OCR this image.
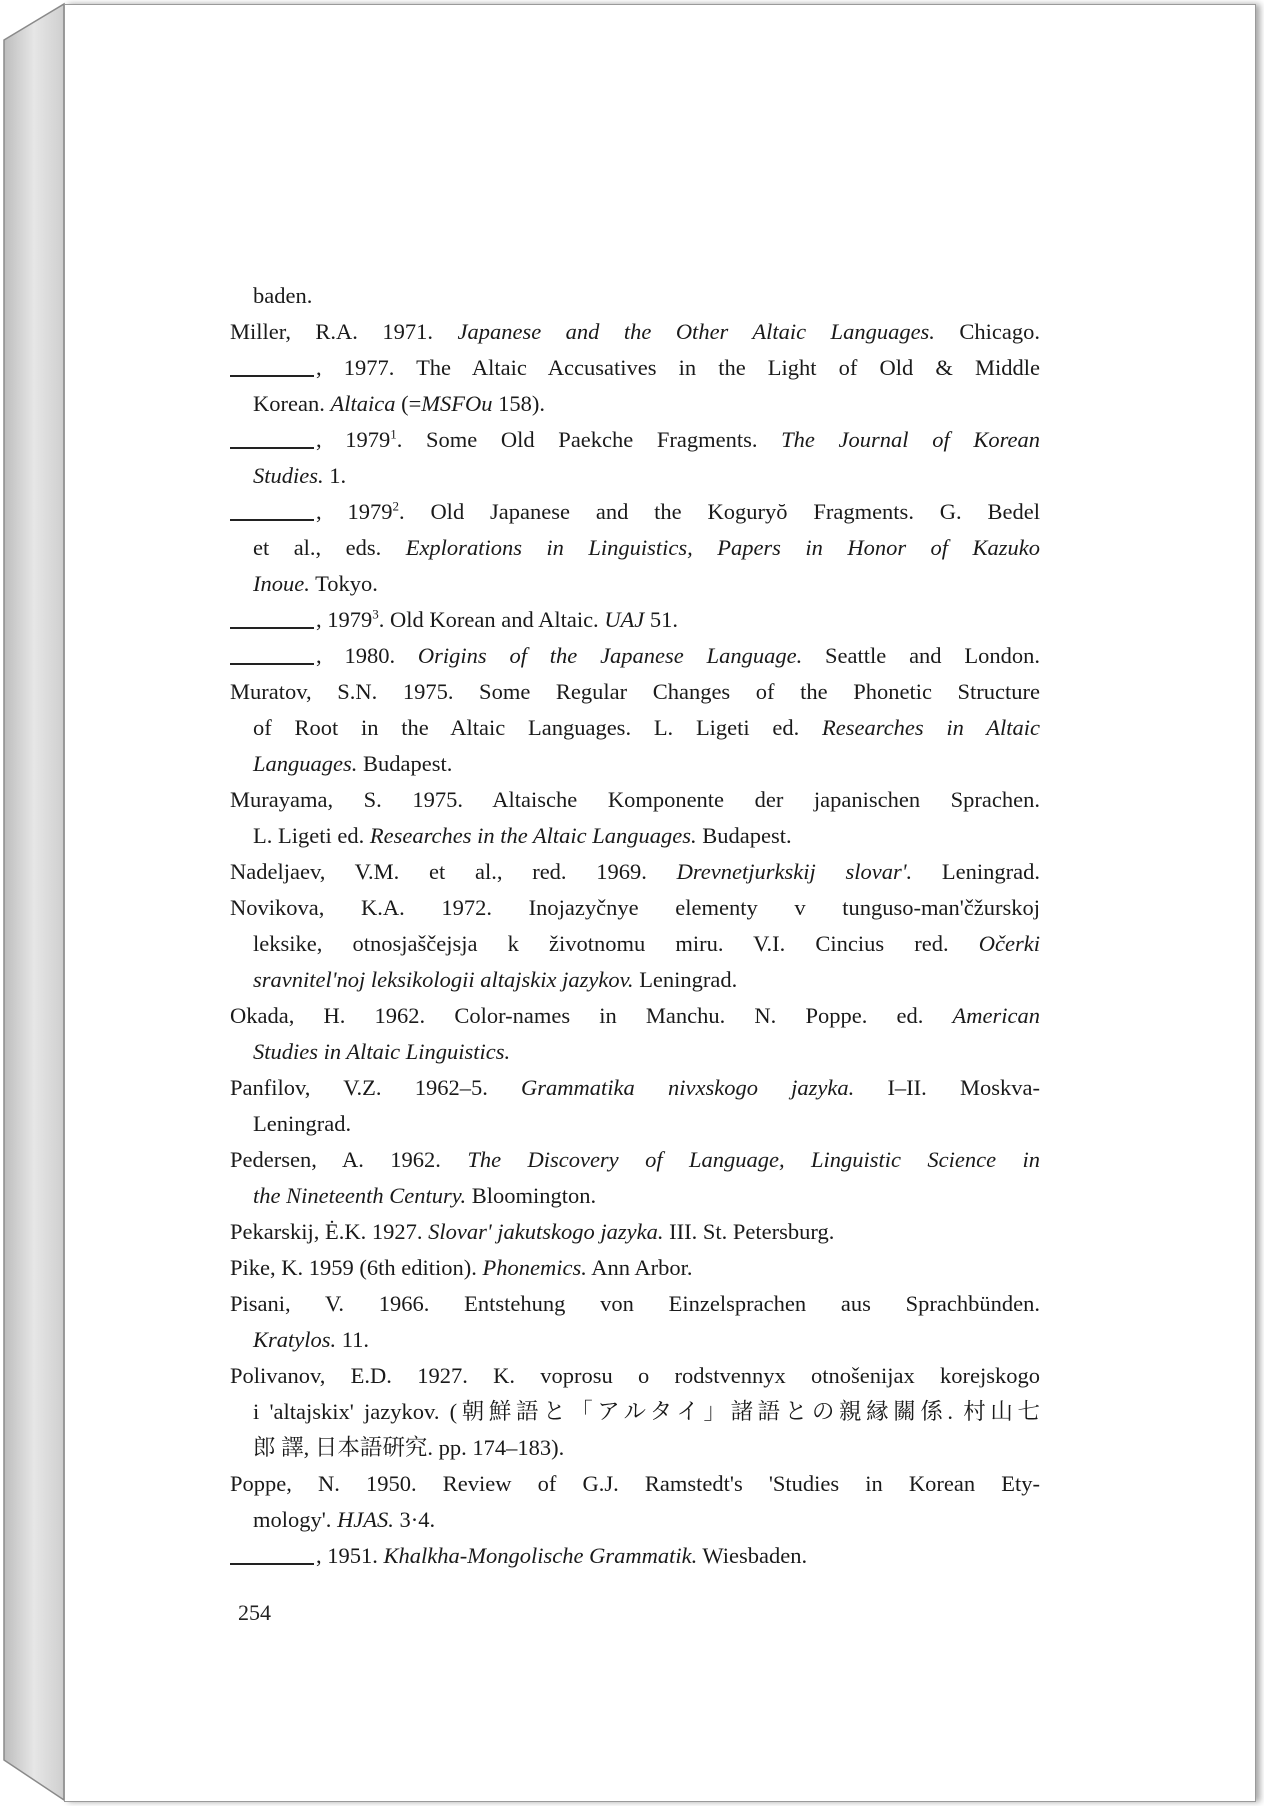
baden.
Miller, R.A. 1971. Japanese and the Other Altaic Languages. Chicago.
, 1977. The Altaic Accusatives in the Light of Old & Middle
Korean. Altaica (=MSFOu 158).
, 1979$^1$. Some Old Paekche Fragments. The Journal of Korean
Studies. 1.
, 1979$^2$. Old Japanese and the Koguryŏ Fragments. G. Bedel
et al., eds. Explorations in Linguistics, Papers in Honor of Kazuko
Inoue. Tokyo.
, 1979$^3$. Old Korean and Altaic. UAJ 51.
, 1980. Origins of the Japanese Language. Seattle and London.
Muratov, S.N. 1975. Some Regular Changes of the Phonetic Structure
of Root in the Altaic Languages. L. Ligeti ed. Researches in Altaic
Languages. Budapest.
Murayama, S. 1975. Altaische Komponente der japanischen Sprachen.
L. Ligeti ed. Researches in the Altaic Languages. Budapest.
Nadeljaev, V.M. et al., red. 1969. Drevnetjurkskij slovar'. Leningrad.
Novikova, K.A. 1972. Inojazyčnye elementy v tunguso-man'čžurskoj
leksike, otnosjaščejsja k životnomu miru. V.I. Cincius red. Očerki
sravnitel'noj leksikologii altajskix jazykov. Leningrad.
Okada, H. 1962. Color-names in Manchu. N. Poppe. ed. American
Studies in Altaic Linguistics.
Panfilov, V.Z. 1962–5. Grammatika nivxskogo jazyka. I–II. Moskva-
Leningrad.
Pedersen, A. 1962. The Discovery of Language, Linguistic Science in
the Nineteenth Century. Bloomington.
Pekarskij, Ė.K. 1927. Slovar' jakutskogo jazyka. III. St. Petersburg.
Pike, K. 1959 (6th edition). Phonemics. Ann Arbor.
Pisani, V. 1966. Entstehung von Einzelsprachen aus Sprachbünden.
Kratylos. 11.
Polivanov, E.D. 1927. K. voprosu o rodstvennyx otnošenijax korejskogo
i 'altajskix' jazykov. (朝鮮語と「アルタイ」諸語との親縁關係. 村山七
郎 譯, 日本語硏究. pp. 174–183).
Poppe, N. 1950. Review of G.J. Ramstedt's 'Studies in Korean Ety-
mology'. HJAS. 3·4.
, 1951. Khalkha-Mongolische Grammatik. Wiesbaden.
254
